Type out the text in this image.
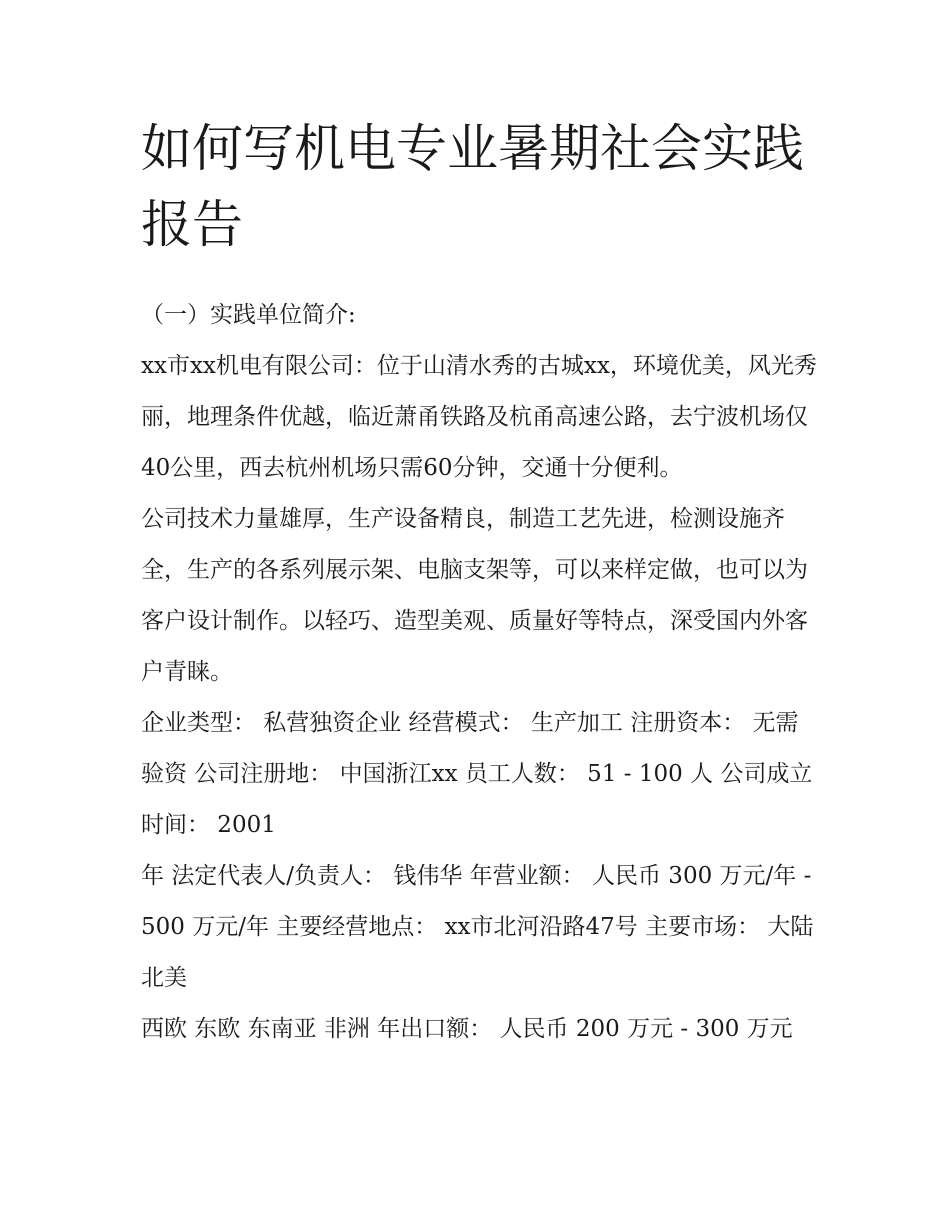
如何写机电专业暑期社会实践报告

（一）实践单位简介:

xx市xx机电有限公司：位于山清水秀的古城xx，环境优美，风光秀丽，地理条件优越，临近萧甬铁路及杭甬高速公路，去宁波机场仅40公里，西去杭州机场只需60分钟，交通十分便利。

公司技术力量雄厚，生产设备精良，制造工艺先进，检测设施齐全，生产的各系列展示架、电脑支架等，可以来样定做，也可以为客户设计制作。以轻巧、造型美观、质量好等特点，深受国内外客户青睐。

企业类型： 私营独资企业 经营模式： 生产加工 注册资本： 无需验资 公司注册地： 中国浙江xx 员工人数： 51 - 100 人 公司成立时间： 2001

年 法定代表人/负责人： 钱伟华 年营业额： 人民币 300 万元/年 - 500 万元/年 主要经营地点： xx市北河沿路47号 主要市场： 大陆 北美

西欧 东欧 东南亚 非洲 年出口额： 人民币 200 万元 - 300 万元
